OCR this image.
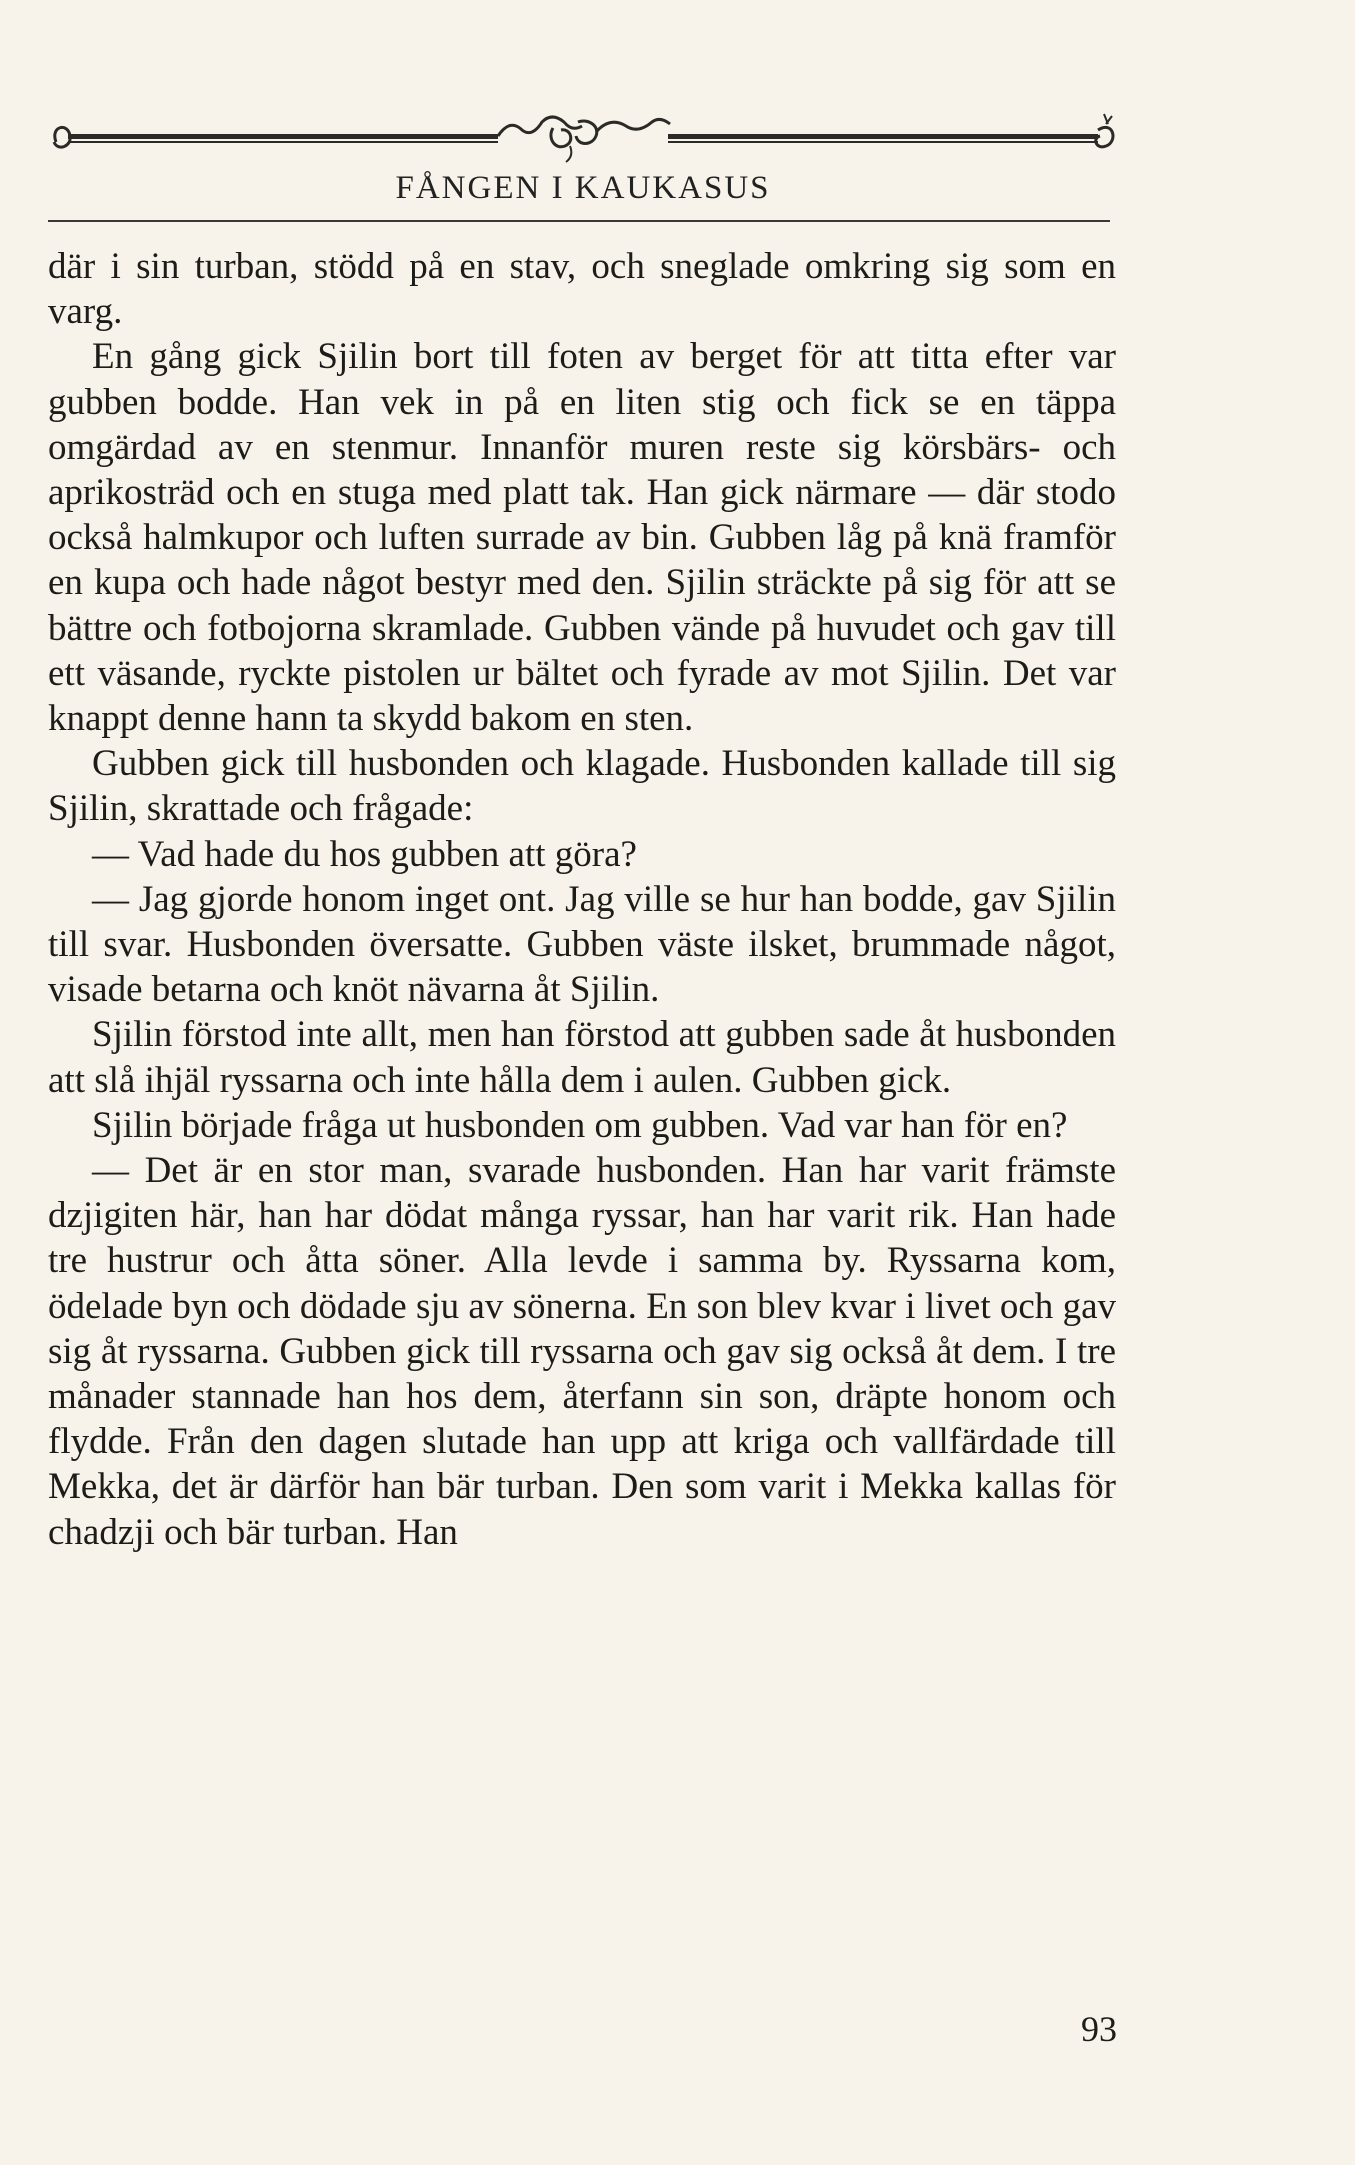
FÅNGEN I KAUKASUS

där i sin turban, stödd på en stav, och sneglade omkring sig som en varg.

En gång gick Sjilin bort till foten av berget för att titta efter var gubben bodde. Han vek in på en liten stig och fick se en täppa omgärdad av en stenmur. Innanför muren reste sig körsbärs- och aprikosträd och en stuga med platt tak. Han gick närmare — där stodo också halmkupor och luften surrade av bin. Gubben låg på knä framför en kupa och hade något bestyr med den. Sjilin sträckte på sig för att se bättre och fotbojorna skramlade. Gubben vände på huvudet och gav till ett väsande, ryckte pistolen ur bältet och fyrade av mot Sjilin. Det var knappt denne hann ta skydd bakom en sten.

Gubben gick till husbonden och klagade. Husbonden kallade till sig Sjilin, skrattade och frågade:

— Vad hade du hos gubben att göra?

— Jag gjorde honom inget ont. Jag ville se hur han bodde, gav Sjilin till svar. Husbonden översatte. Gubben väste ilsket, brummade något, visade betarna och knöt nävarna åt Sjilin.

Sjilin förstod inte allt, men han förstod att gubben sade åt husbonden att slå ihjäl ryssarna och inte hålla dem i aulen. Gubben gick.

Sjilin började fråga ut husbonden om gubben. Vad var han för en?

— Det är en stor man, svarade husbonden. Han har varit främste dzjigiten här, han har dödat många ryssar, han har varit rik. Han hade tre hustrur och åtta söner. Alla levde i samma by. Ryssarna kom, ödelade byn och dödade sju av sönerna. En son blev kvar i livet och gav sig åt ryssarna. Gubben gick till ryssarna och gav sig också åt dem. I tre månader stannade han hos dem, återfann sin son, dräpte honom och flydde. Från den dagen slutade han upp att kriga och vallfärdade till Mekka, det är därför han bär turban. Den som varit i Mekka kallas för chadzji och bär turban. Han

93
